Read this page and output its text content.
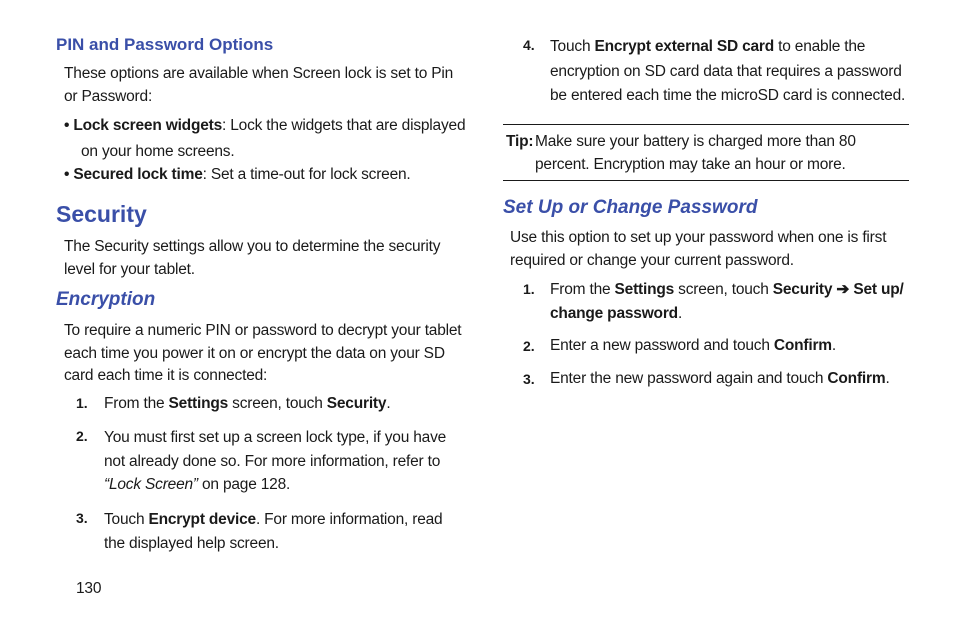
PIN and Password Options
These options are available when Screen lock is set to Pin or Password:
• Lock screen widgets: Lock the widgets that are displayed on your home screens.
• Secured lock time: Set a time-out for lock screen.
Security
The Security settings allow you to determine the security level for your tablet.
Encryption
To require a numeric PIN or password to decrypt your tablet each time you power it on or encrypt the data on your SD card each time it is connected:
1. From the Settings screen, touch Security.
2. You must first set up a screen lock type, if you have not already done so. For more information, refer to “Lock Screen” on page 128.
3. Touch Encrypt device. For more information, read the displayed help screen.
130
4. Touch Encrypt external SD card to enable the encryption on SD card data that requires a password be entered each time the microSD card is connected.
Tip: Make sure your battery is charged more than 80 percent. Encryption may take an hour or more.
Set Up or Change Password
Use this option to set up your password when one is first required or change your current password.
1. From the Settings screen, touch Security ➔ Set up/ change password.
2. Enter a new password and touch Confirm.
3. Enter the new password again and touch Confirm.
